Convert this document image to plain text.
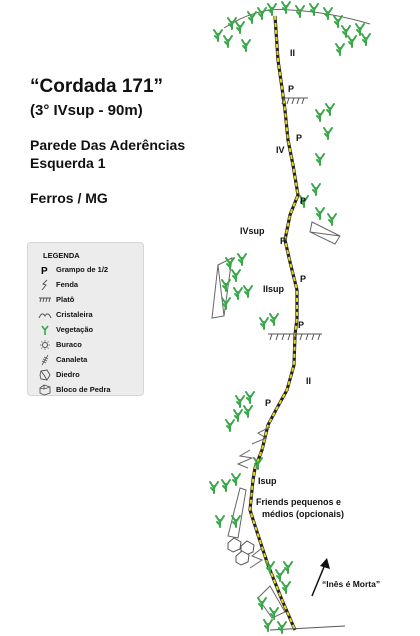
“Cordada 171”
(3° IVsup - 90m)
Parede Das Aderências
Esquerda 1
Ferros / MG
LEGENDA
P Grampo de 1/2
Fenda
Platô
Cristaleira
Vegetação
Buraco
Canaleta
Diedro
Bloco de Pedra
II
IV
IVsup
IIsup
II
Isup
P
P
P
P
P
P
P
Friends pequenos e
médios (opcionais)
“Inês é Morta”
